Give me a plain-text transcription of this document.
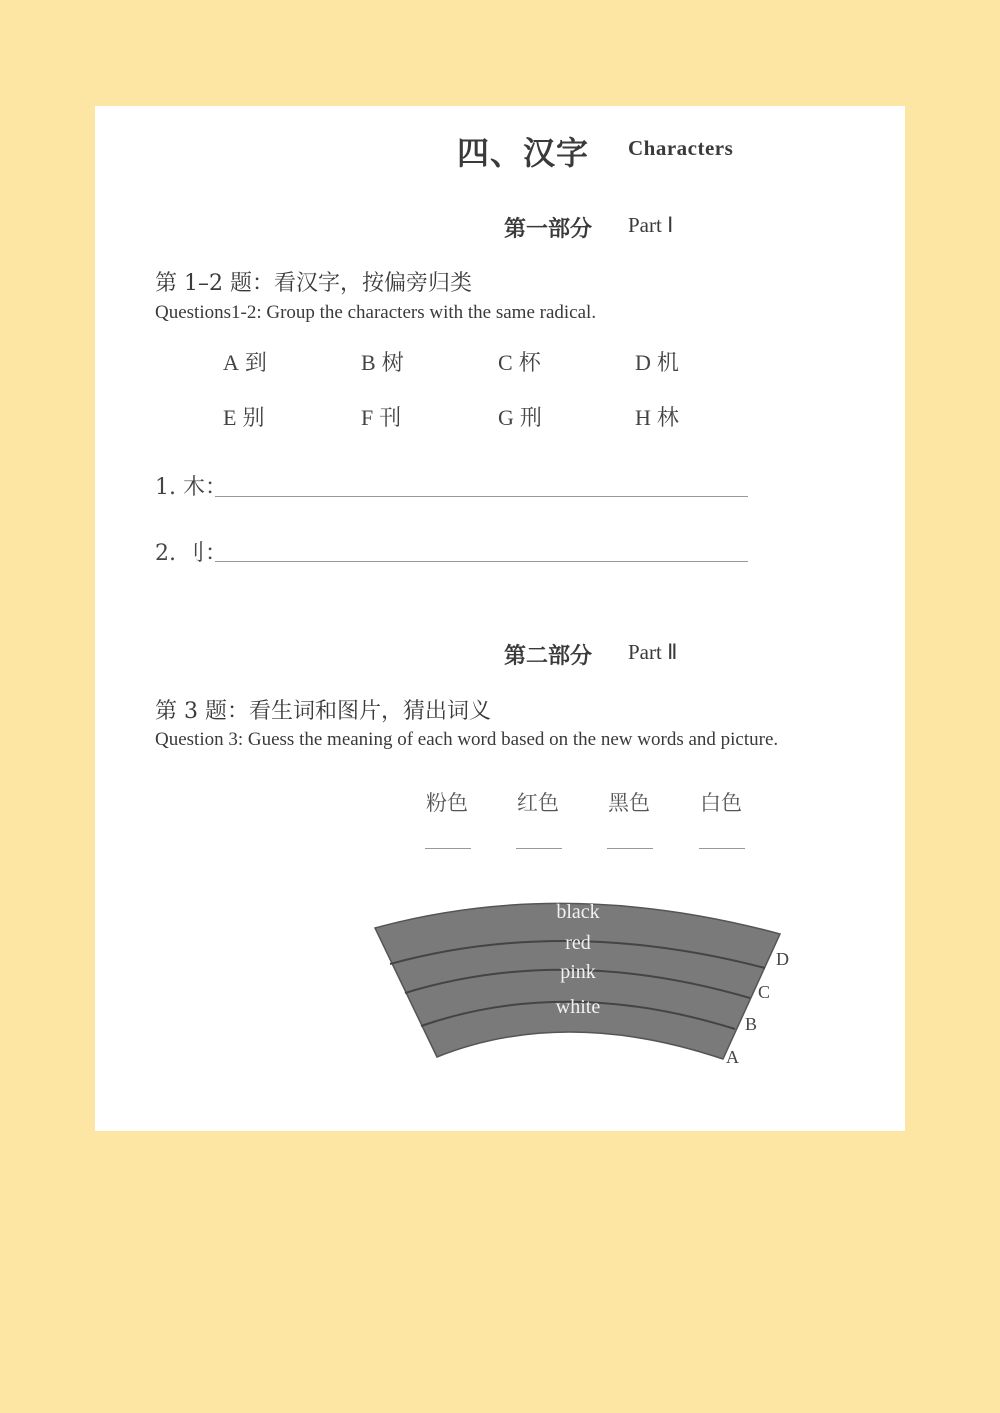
四、汉字 Characters
第一部分 Part Ⅰ
第 1–2 题：看汉字，按偏旁归类
Questions1-2: Group the characters with the same radical.
A 到	B 树	C 杯	D 机
E 别	F 刊	G 刑	H 林
1. 木：
2. 刂：
第二部分 Part Ⅱ
第 3 题：看生词和图片，猜出词义
Question 3: Guess the meaning of each word based on the new words and picture.
粉色 红色 黑色 白色
black
red
pink
white
D
C
B
A
